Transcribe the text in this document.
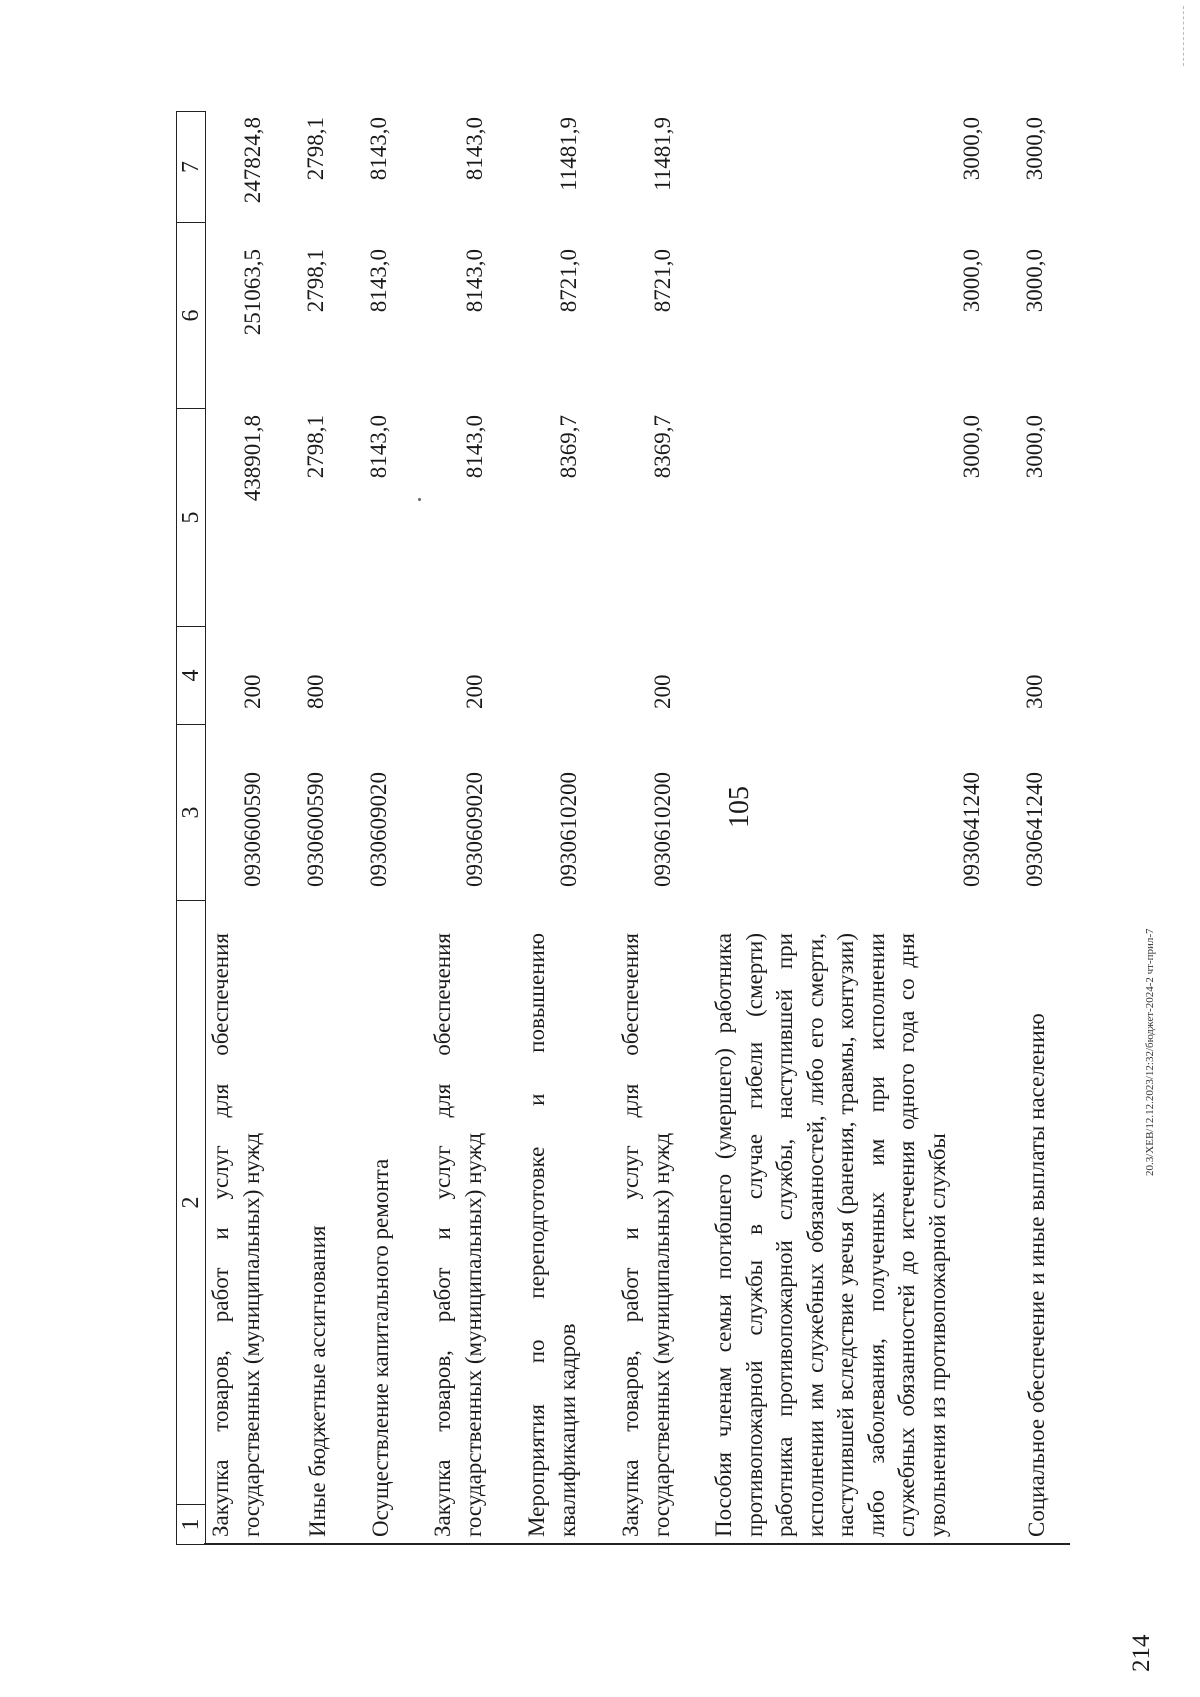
105
1
2
3
4
5
6
7
Закупка товаров, работ и услуг для обеспечения государственных (муниципальных) нужд
0930600590
200
438901,8
251063,5
247824,8
Иные бюджетные ассигнования
0930600590
800
2798,1
2798,1
2798,1
Осуществление капитального ремонта
0930609020
8143,0
8143,0
8143,0
Закупка товаров, работ и услуг для обеспечения государственных (муниципальных) нужд
0930609020
200
8143,0
8143,0
8143,0
Мероприятия по переподготовке и повышению квалификации кадров
0930610200
8369,7
8721,0
11481,9
Закупка товаров, работ и услуг для обеспечения государственных (муниципальных) нужд
0930610200
200
8369,7
8721,0
11481,9
Пособия членам семьи погибшего (умершего) работника противопожарной службы в случае гибели (смерти) работника противопожарной службы, наступившей при исполнении им служебных обязанностей, либо его смерти, наступившей вследствие увечья (ранения, травмы, контузии) либо заболевания, полученных им при исполнении служебных обязанностей до истечения одного года со дня увольнения из противопожарной службы
0930641240
3000,0
3000,0
3000,0
Социальное обеспечение и иные выплаты населению
0930641240
300
3000,0
3000,0
3000,0
20.3/ХЕВ/12.12.2023/12:32/бюджет-2024-2 чт-прил-7
214
